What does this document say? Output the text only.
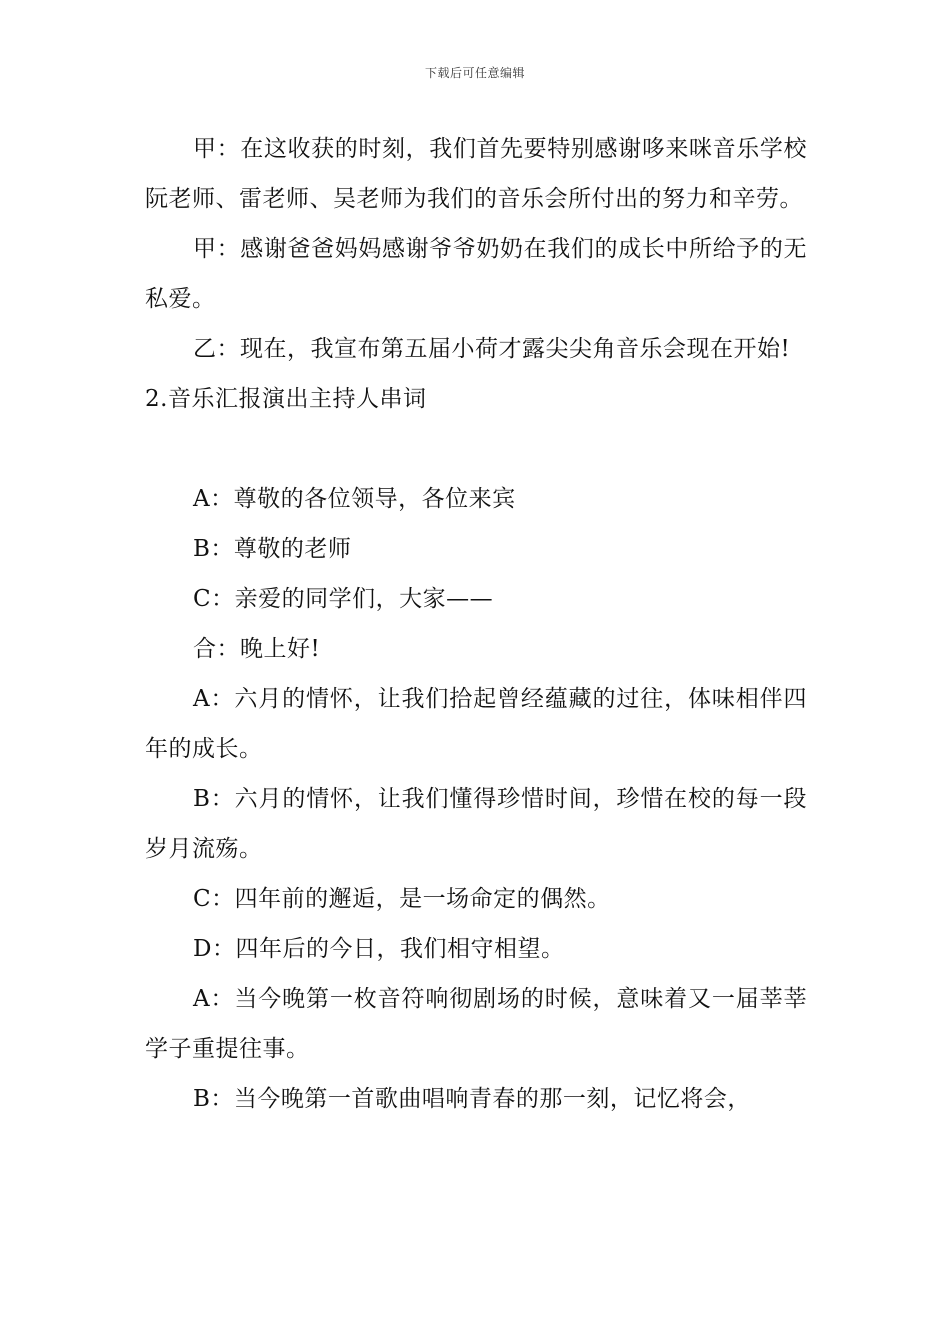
下载后可任意编辑

甲：在这收获的时刻，我们首先要特别感谢哆来咪音乐学校阮老师、雷老师、吴老师为我们的音乐会所付出的努力和辛劳。

甲：感谢爸爸妈妈感谢爷爷奶奶在我们的成长中所给予的无私爱。

乙：现在，我宣布第五届小荷才露尖尖角音乐会现在开始!

2.音乐汇报演出主持人串词

A：尊敬的各位领导，各位来宾

B：尊敬的老师

C：亲爱的同学们，大家——

合：晚上好!

A：六月的情怀，让我们拾起曾经蕴藏的过往，体味相伴四年的成长。

B：六月的情怀，让我们懂得珍惜时间，珍惜在校的每一段岁月流殇。

C：四年前的邂逅，是一场命定的偶然。

D：四年后的今日，我们相守相望。

A：当今晚第一枚音符响彻剧场的时候，意味着又一届莘莘学子重提往事。

B：当今晚第一首歌曲唱响青春的那一刻，记忆将会，
